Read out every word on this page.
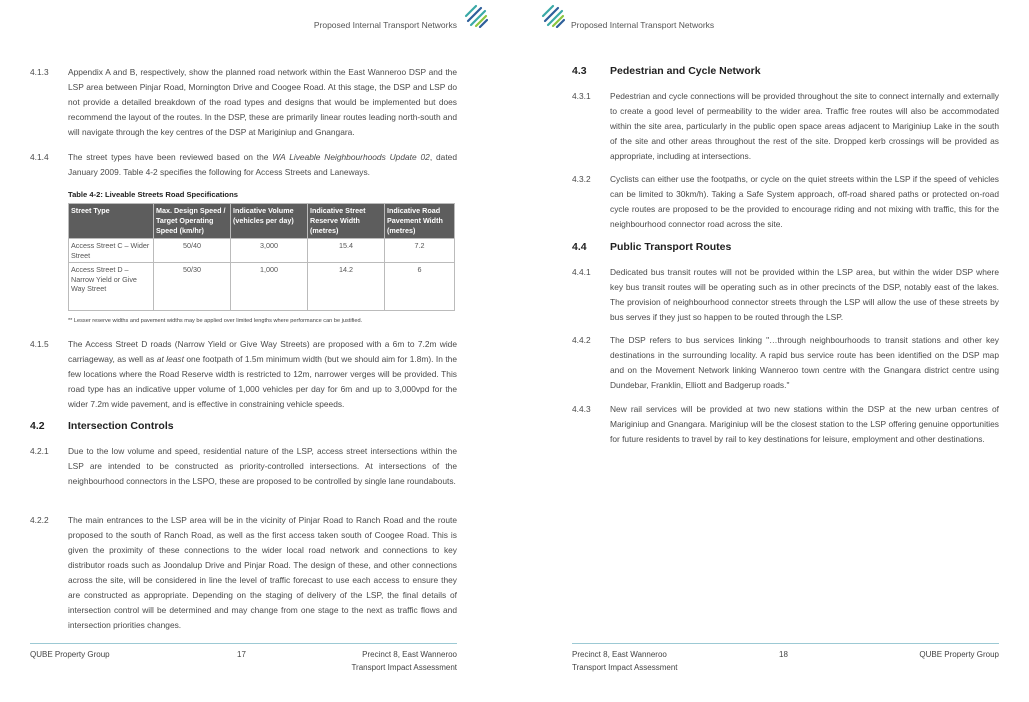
Proposed Internal Transport Networks
4.1.3 Appendix A and B, respectively, show the planned road network within the East Wanneroo DSP and the LSP area between Pinjar Road, Mornington Drive and Coogee Road. At this stage, the DSP and LSP do not provide a detailed breakdown of the road types and designs that would be implemented but does recommend the layout of the routes. In the DSP, these are primarily linear routes leading north-south and will navigate through the key centres of the DSP at Mariginiup and Gnangara.
4.1.4 The street types have been reviewed based on the WA Liveable Neighbourhoods Update 02, dated January 2009. Table 4-2 specifies the following for Access Streets and Laneways.
Table 4-2: Liveable Streets Road Specifications
Street Type	Max. Design Speed / Target Operating Speed (km/hr)	Indicative Volume (vehicles per day)	Indicative Street Reserve Width (metres)	Indicative Road Pavement Width (metres)
Access Street C – Wider Street	50/40	3,000	15.4	7.2
Access Street D – Narrow Yield or Give Way Street	50/30	1,000	14.2	6
** Lesser reserve widths and pavement widths may be applied over limited lengths where performance can be justified.
4.1.5 The Access Street D roads (Narrow Yield or Give Way Streets) are proposed with a 6m to 7.2m wide carriageway, as well as at least one footpath of 1.5m minimum width (but we should aim for 1.8m). In the few locations where the Road Reserve width is restricted to 12m, narrower verges will be provided. This road type has an indicative upper volume of 1,000 vehicles per day for 6m and up to 3,000vpd for the wider 7.2m wide pavement, and is effective in constraining vehicle speeds.
4.2 Intersection Controls
4.2.1 Due to the low volume and speed, residential nature of the LSP, access street intersections within the LSP are intended to be constructed as priority-controlled intersections. At intersections of the neighbourhood connectors in the LSPO, these are proposed to be controlled by single lane roundabouts.
4.2.2 The main entrances to the LSP area will be in the vicinity of Pinjar Road to Ranch Road and the route proposed to the south of Ranch Road, as well as the first access taken south of Coogee Road. This is given the proximity of these connections to the wider local road network and connections to key distributor roads such as Joondalup Drive and Pinjar Road. The design of these, and other connections across the site, will be considered in line the level of traffic forecast to use each access to ensure they are constructed as appropriate. Depending on the staging of delivery of the LSP, the final details of intersection control will be determined and may change from one stage to the next as traffic flows and intersection priorities changes.
QUBE Property Group	17	Precinct 8, East Wanneroo
Transport Impact Assessment
Proposed Internal Transport Networks
4.3 Pedestrian and Cycle Network
4.3.1 Pedestrian and cycle connections will be provided throughout the site to connect internally and externally to create a good level of permeability to the wider area. Traffic free routes will also be accommodated within the site area, particularly in the public open space areas adjacent to Mariginiup Lake in the south of the site and other areas throughout the rest of the site. Dropped kerb crossings will be provided as appropriate, including at intersections.
4.3.2 Cyclists can either use the footpaths, or cycle on the quiet streets within the LSP if the speed of vehicles can be limited to 30km/h). Taking a Safe System approach, off-road shared paths or protected on-road cycle routes are proposed to be the provided to encourage riding and not mixing with traffic, this for the neighbourhood connector road across the site.
4.4 Public Transport Routes
4.4.1 Dedicated bus transit routes will not be provided within the LSP area, but within the wider DSP where key bus transit routes will be operating such as in other precincts of the DSP, notably east of the lakes. The provision of neighbourhood connector streets through the LSP will allow the use of these streets by bus serves if they just so happen to be routed through the LSP.
4.4.2 The DSP refers to bus services linking "…through neighbourhoods to transit stations and other key destinations in the surrounding locality. A rapid bus service route has been identified on the DSP map and on the Movement Network linking Wanneroo town centre with the Gnangara district centre using Dundebar, Franklin, Elliott and Badgerup roads."
4.4.3 New rail services will be provided at two new stations within the DSP at the new urban centres of Mariginiup and Gnangara. Mariginiup will be the closest station to the LSP offering genuine opportunities for future residents to travel by rail to key destinations for leisure, employment and other destinations.
Precinct 8, East Wanneroo
Transport Impact Assessment
18	QUBE Property Group
